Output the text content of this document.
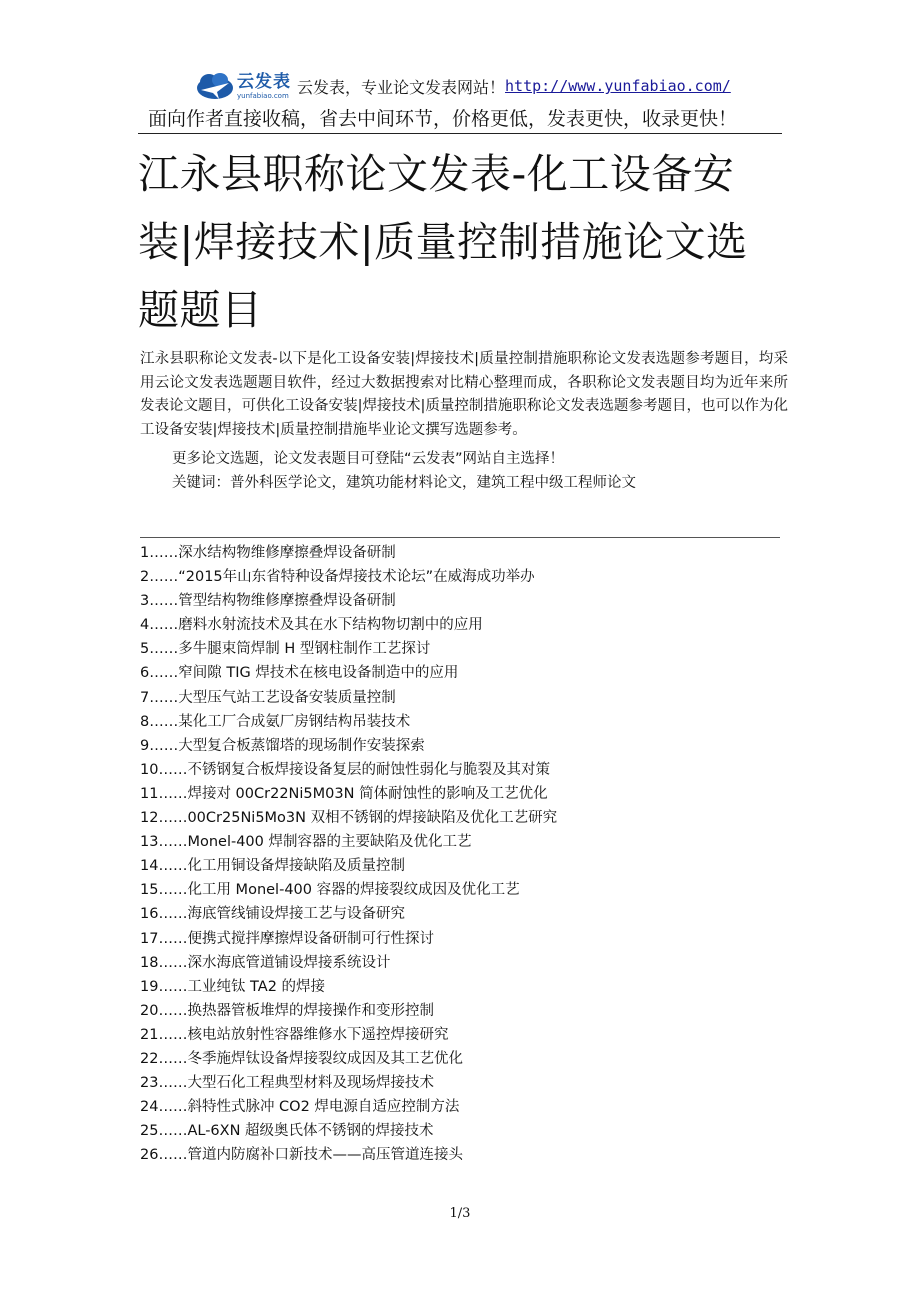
云发表
yunfabiao.com 云发表，专业论文发表网站！ http://www.yunfabiao.com/
面向作者直接收稿，省去中间环节，价格更低，发表更快，收录更快！
江永县职称论文发表-化工设备安装|焊接技术|质量控制措施论文选题题目

江永县职称论文发表-以下是化工设备安装|焊接技术|质量控制措施职称论文发表选题参考题目，均采用云论文发表选题题目软件，经过大数据搜索对比精心整理而成，各职称论文发表题目均为近年来所发表论文题目，可供化工设备安装|焊接技术|质量控制措施职称论文发表选题参考题目，也可以作为化工设备安装|焊接技术|质量控制措施毕业论文撰写选题参考。

更多论文选题，论文发表题目可登陆“云发表”网站自主选择！
关键词：普外科医学论文，建筑功能材料论文，建筑工程中级工程师论文
1……深水结构物维修摩擦叠焊设备研制
2……“2015年山东省特种设备焊接技术论坛”在威海成功举办
3……管型结构物维修摩擦叠焊设备研制
4……磨料水射流技术及其在水下结构物切割中的应用
5……多牛腿束筒焊制 H 型钢柱制作工艺探讨
6……窄间隙 TIG 焊技术在核电设备制造中的应用
7……大型压气站工艺设备安装质量控制
8……某化工厂合成氨厂房钢结构吊装技术
9……大型复合板蒸馏塔的现场制作安装探索
10……不锈钢复合板焊接设备复层的耐蚀性弱化与脆裂及其对策
11……焊接对 00Cr22Ni5M03N 简体耐蚀性的影响及工艺优化
12……00Cr25Ni5Mo3N 双相不锈钢的焊接缺陷及优化工艺研究
13……Monel-400 焊制容器的主要缺陷及优化工艺
14……化工用铜设备焊接缺陷及质量控制
15……化工用 Monel-400 容器的焊接裂纹成因及优化工艺
16……海底管线铺设焊接工艺与设备研究
17……便携式搅拌摩擦焊设备研制可行性探讨
18……深水海底管道铺设焊接系统设计
19……工业纯钛 TA2 的焊接
20……换热器管板堆焊的焊接操作和变形控制
21……核电站放射性容器维修水下遥控焊接研究
22……冬季施焊钛设备焊接裂纹成因及其工艺优化
23……大型石化工程典型材料及现场焊接技术
24……斜特性式脉冲 CO2 焊电源自适应控制方法
25……AL-6XN 超级奥氏体不锈钢的焊接技术
26……管道内防腐补口新技术——高压管道连接头
1/3
